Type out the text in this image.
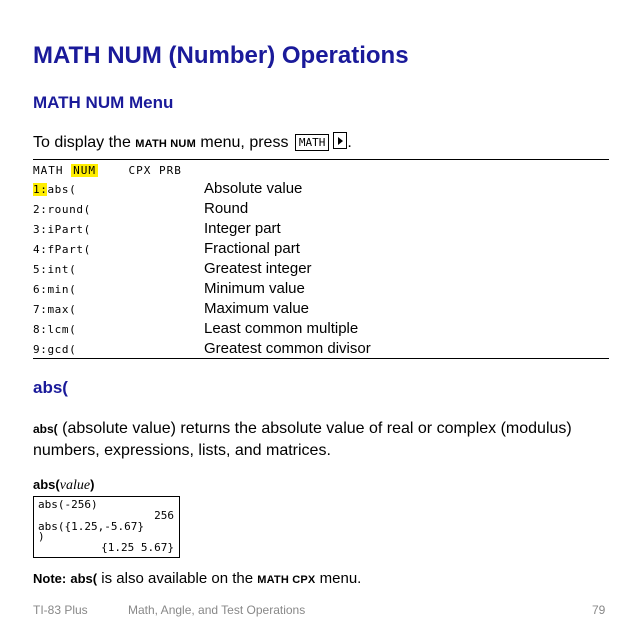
MATH NUM (Number) Operations
MATH NUM Menu
To display the MATH NUM menu, press MATH .
MATH NUM	CPX PRB
1:abs(	Absolute value
2:round(	Round
3:iPart(	Integer part
4:fPart(	Fractional part
5:int(	Greatest integer
6:min(	Minimum value
7:max(	Maximum value
8:lcm(	Least common multiple
9:gcd(	Greatest common divisor
abs(
abs( (absolute value) returns the absolute value of real or complex (modulus) numbers, expressions, lists, and matrices.
abs(value)
abs(-256)
256
abs({1.25,-5.67}
)
{1.25 5.67}
Note: abs( is also available on the MATH CPX menu.
TI-83 Plus	Math, Angle, and Test Operations	79
